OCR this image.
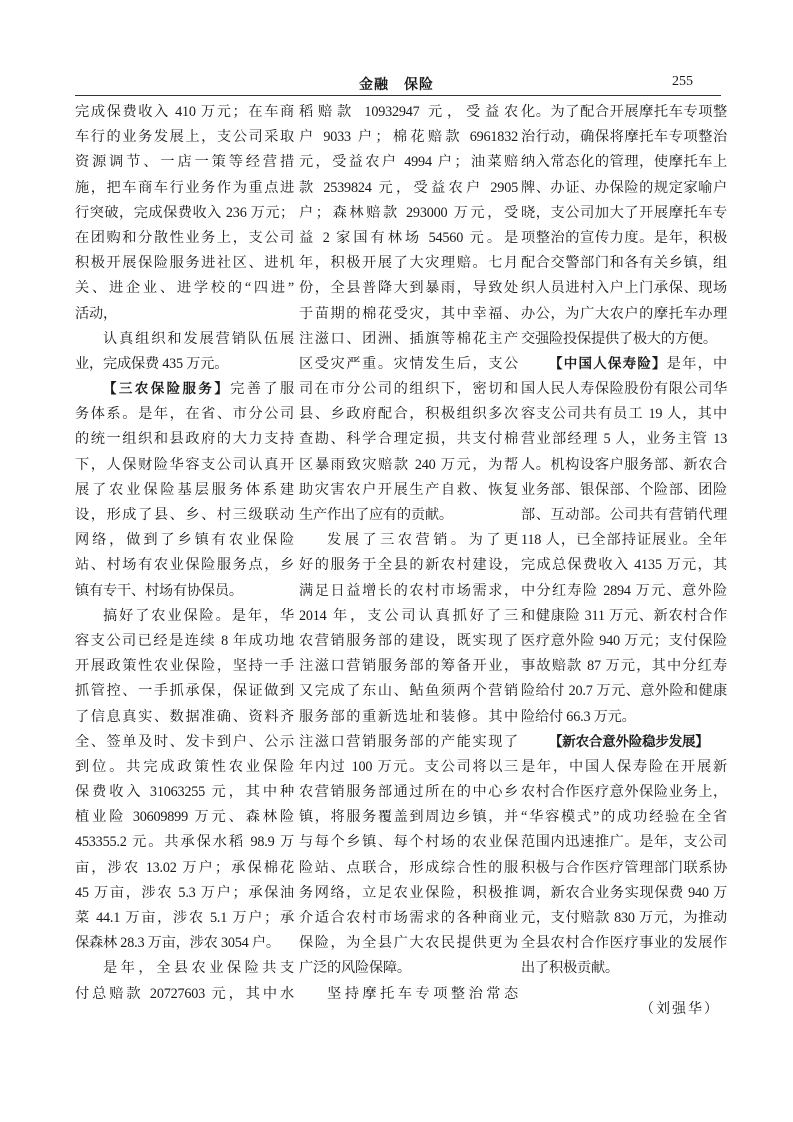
金融　保险	255
完成保费收入 410 万元；在车商
车行的业务发展上，支公司采取
资源调节、一店一策等经营措
施，把车商车行业务作为重点进
行突破，完成保费收入 236 万元；
在团购和分散性业务上，支公司
积极开展保险服务进社区、进机
关、进企业、进学校的“四进”
活动，
认真组织和发展营销队伍展
业，完成保费 435 万元。
【三农保险服务】完善了服
务体系。是年，在省、市分公司
的统一组织和县政府的大力支持
下，人保财险华容支公司认真开
展了农业保险基层服务体系建
设，形成了县、乡、村三级联动
网络，做到了乡镇有农业保险
站、村场有农业保险服务点，乡
镇有专干、村场有协保员。
搞好了农业保险。是年，华
容支公司已经是连续 8 年成功地
开展政策性农业保险，坚持一手
抓管控、一手抓承保，保证做到
了信息真实、数据准确、资料齐
全、签单及时、发卡到户、公示
到位。共完成政策性农业保险
保费收入 31063255 元，其中种
植业险 30609899 万元、森林险
453355.2 元。共承保水稻 98.9 万
亩，涉农 13.02 万户；承保棉花
45 万亩，涉农 5.3 万户；承保油
菜 44.1 万亩，涉农 5.1 万户；承
保森林 28.3 万亩，涉农 3054 户。
是年，全县农业保险共支
付总赔款 20727603 元，其中水
稻赔款 10932947 元，受益农
户 9033 户；棉花赔款 6961832
元，受益农户 4994 户；油菜赔
款 2539824 元，受益农户 2905
户；森林赔款 293000 万元，受
益 2 家国有林场 54560 元。是
年，积极开展了大灾理赔。七月
份，全县普降大到暴雨，导致处
于苗期的棉花受灾，其中幸福、
注滋口、团洲、插旗等棉花主产
区受灾严重。灾情发生后，支公
司在市分公司的组织下，密切和
县、乡政府配合，积极组织多次
查勘、科学合理定损，共支付棉
区暴雨致灾赔款 240 万元，为帮
助灾害农户开展生产自救、恢复
生产作出了应有的贡献。
发展了三农营销。为了更
好的服务于全县的新农村建设，
满足日益增长的农村市场需求，
2014 年，支公司认真抓好了三
农营销服务部的建设，既实现了
注滋口营销服务部的筹备开业，
又完成了东山、鲇鱼须两个营销
服务部的重新选址和装修。其中
注滋口营销服务部的产能实现了
年内过 100 万元。支公司将以三
农营销服务部通过所在的中心乡
镇，将服务覆盖到周边乡镇，并
与每个乡镇、每个村场的农业保
险站、点联合，形成综合性的服
务网络，立足农业保险，积极推
介适合农村市场需求的各种商业
保险，为全县广大农民提供更为
广泛的风险保障。
坚持摩托车专项整治常态
化。为了配合开展摩托车专项整
治行动，确保将摩托车专项整治
纳入常态化的管理，使摩托车上
牌、办证、办保险的规定家喻户
晓，支公司加大了开展摩托车专
项整治的宣传力度。是年，积极
配合交警部门和各有关乡镇，组
织人员进村入户上门承保、现场
办公，为广大农户的摩托车办理
交强险投保提供了极大的方便。
【中国人保寿险】是年，中
国人民人寿保险股份有限公司华
容支公司共有员工 19 人，其中
营业部经理 5 人，业务主管 13
人。机构设客户服务部、新农合
业务部、银保部、个险部、团险
部、互动部。公司共有营销代理
118 人，已全部持证展业。全年
完成总保费收入 4135 万元，其
中分红寿险 2894 万元、意外险
和健康险 311 万元、新农村合作
医疗意外险 940 万元；支付保险
事故赔款 87 万元，其中分红寿
险给付 20.7 万元、意外险和健康
险给付 66.3 万元。
【新农合意外险稳步发展】
是年，中国人保寿险在开展新
农村合作医疗意外保险业务上，
“华容模式”的成功经验在全省
范围内迅速推广。是年，支公司
积极与合作医疗管理部门联系协
调，新农合业务实现保费 940 万
元，支付赔款 830 万元，为推动
全县农村合作医疗事业的发展作
出了积极贡献。
（刘强华）
